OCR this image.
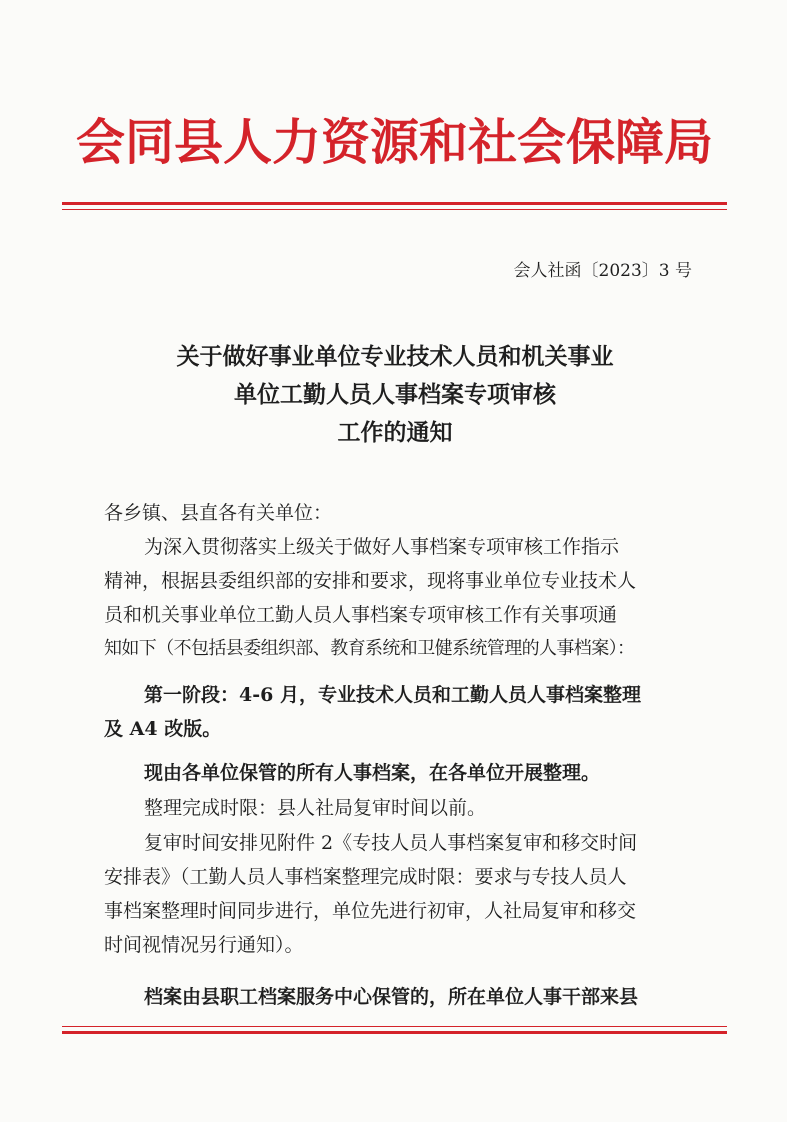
会同县人力资源和社会保障局
会人社函〔2023〕3 号
关于做好事业单位专业技术人员和机关事业
单位工勤人员人事档案专项审核
工作的通知
各乡镇、县直各有关单位：
为深入贯彻落实上级关于做好人事档案专项审核工作指示
精神，根据县委组织部的安排和要求，现将事业单位专业技术人
员和机关事业单位工勤人员人事档案专项审核工作有关事项通
知如下（不包括县委组织部、教育系统和卫健系统管理的人事档案）：
第一阶段：4-6 月，专业技术人员和工勤人员人事档案整理
及 A4 改版。
现由各单位保管的所有人事档案，在各单位开展整理。
整理完成时限：县人社局复审时间以前。
复审时间安排见附件 2《专技人员人事档案复审和移交时间
安排表》（工勤人员人事档案整理完成时限：要求与专技人员人
事档案整理时间同步进行，单位先进行初审，人社局复审和移交
时间视情况另行通知）。
档案由县职工档案服务中心保管的，所在单位人事干部来县
